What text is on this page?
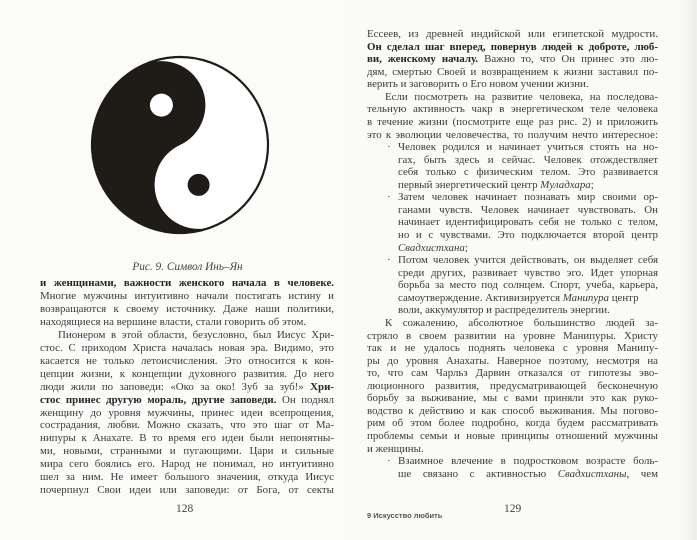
Рис. 9. Символ Инь–Ян
и женщинами, важности женского начала в человеке.
Многие мужчины интуитивно начали постигать истину и
возвращаются к своему источнику. Даже наши политики,
находящиеся на вершине власти, стали говорить об этом.
Пионером в этой области, безусловно, был Иисус Хри-
стос. С приходом Христа началась новая эра. Видимо, это
касается не только летоисчисления. Это относится к кон-
цепции жизни, к концепции духовного развития. До него
люди жили по заповеди: «Око за око! Зуб за зуб!» Хри-
стос принес другую мораль, другие заповеди. Он поднял
женщину до уровня мужчины, принес идеи всепрощения,
сострадания, любви. Можно сказать, что это шаг от Ма-
нипуры к Анахате. В то время его идеи были непонятны-
ми, новыми, странными и пугающими. Цари и сильные
мира сего боялись его. Народ не понимал, но интуитивно
шел за ним. Не имеет большого значения, откуда Иисус
почерпнул Свои идеи или заповеди: от Бога, от секты
128
Ессеев, из древней индийской или египетской мудрости.
Он сделал шаг вперед, повернув людей к доброте, люб-
ви, женскому началу. Важно то, что Он принес это лю-
дям, смертью Своей и возвращением к жизни заставил по-
верить и заговорить о Его новом учении жизни.
Если посмотреть на развитие человека, на последова-
тельную активность чакр в энергетическом теле человека
в течение жизни (посмотрите еще раз рис. 2) и приложить
это к эволюции человечества, то получим нечто интересное:
· Человек родился и начинает учиться стоять на но-
гах, быть здесь и сейчас. Человек отождествляет
себя только с физическим телом. Это развивается
первый энергетический центр Муладхара;
· Затем человек начинает познавать мир своими ор-
ганами чувств. Человек начинает чувствовать. Он
начинает идентифицировать себя не только с телом,
но и с чувствами. Это подключается второй центр
Свадхистхана;
· Потом человек учится действовать, он выделяет себя
среди других, развивает чувство эго. Идет упорная
борьба за место под солнцем. Спорт, учеба, карьера,
самоутверждение. Активизируется Манипура центр
воли, аккумулятор и распределитель энергии.
К сожалению, абсолютное большинство людей за-
стряло в своем развитии на уровне Манипуры. Христу
так и не удалось поднять человека с уровня Манипу-
ры до уровня Анахаты. Наверное поэтому, несмотря на
то, что сам Чарльз Дарвин отказался от гипотезы эво-
люционного развития, предусматривающей бесконечную
борьбу за выживание, мы с вами приняли это как руко-
водство к действию и как способ выживания. Мы погово-
рим об этом более подробно, когда будем рассматривать
проблемы семьи и новые принципы отношений мужчины
и женщины.
· Взаимное влечение в подростковом возрасте боль-
ше связано с активностью Свадхистханы, чем
9 Искусство любить
129
